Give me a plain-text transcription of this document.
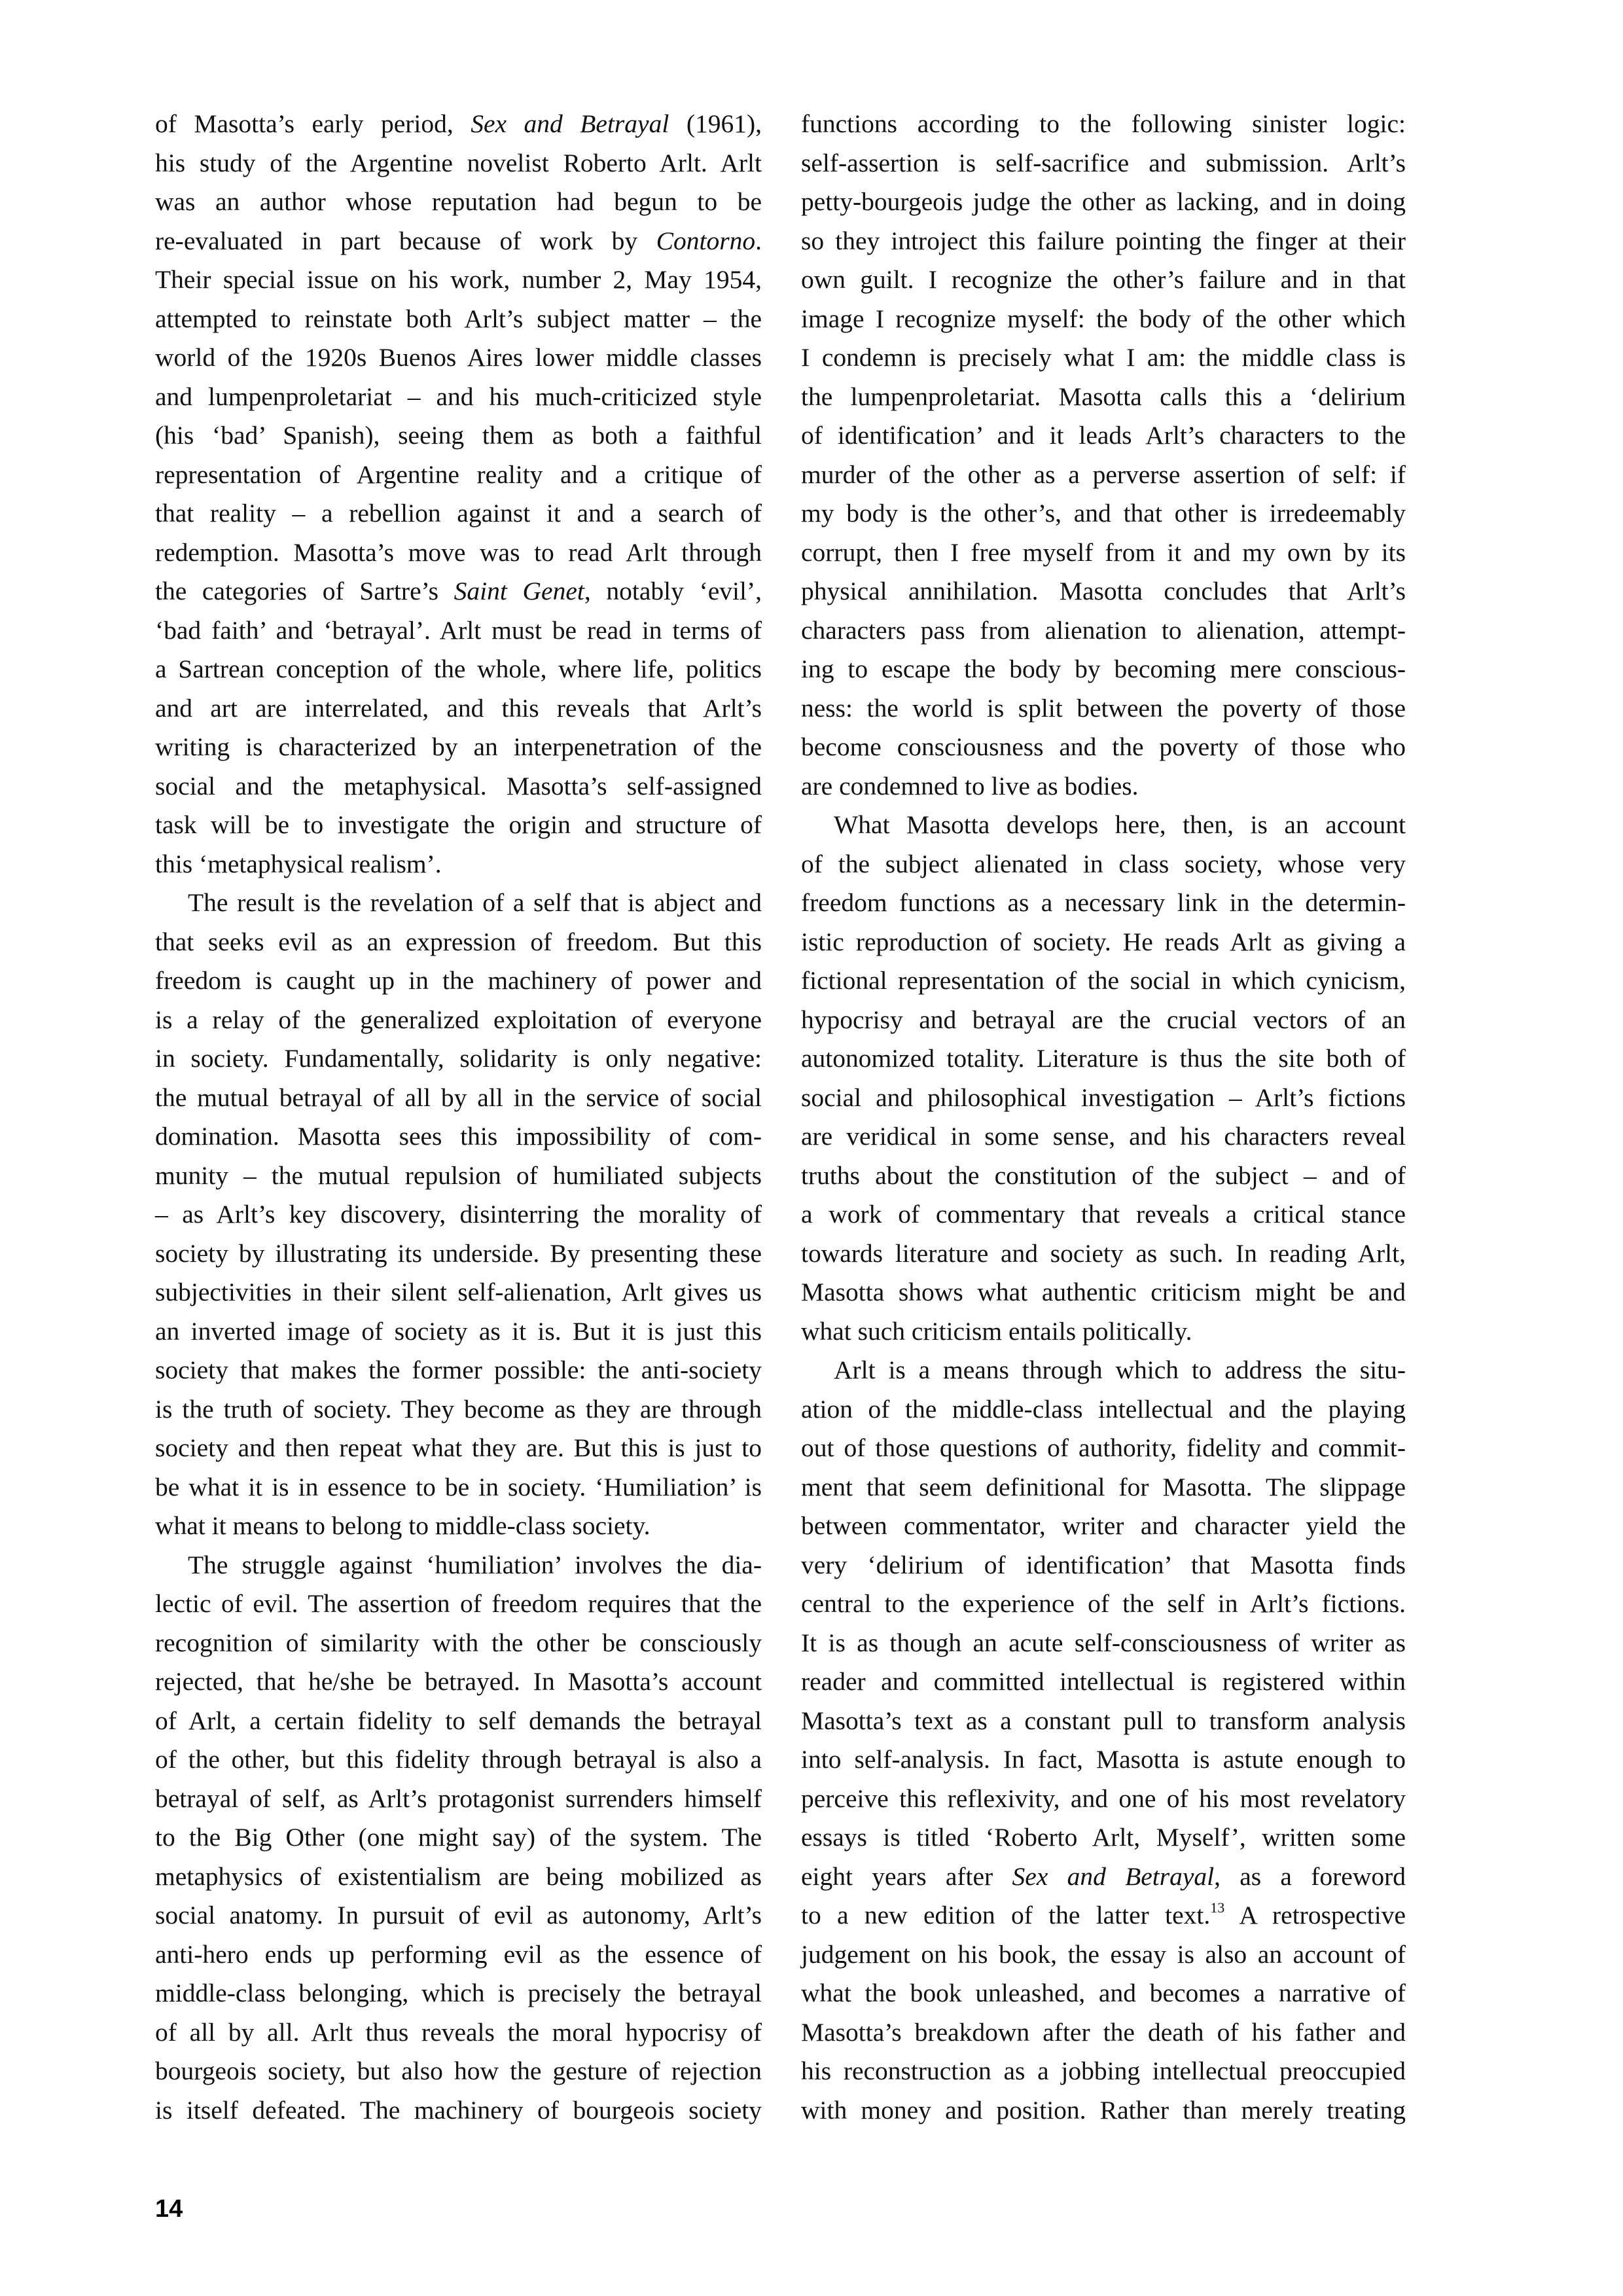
of Masotta’s early period, Sex and Betrayal (1961),
his study of the Argentine novelist Roberto Arlt. Arlt
was an author whose reputation had begun to be
re-evaluated in part because of work by Contorno.
Their special issue on his work, number 2, May 1954,
attempted to reinstate both Arlt’s subject matter – the
world of the 1920s Buenos Aires lower middle classes
and lumpenproletariat – and his much-criticized style
(his ‘bad’ Spanish), seeing them as both a faithful
representation of Argentine reality and a critique of
that reality – a rebellion against it and a search of
redemption. Masotta’s move was to read Arlt through
the categories of Sartre’s Saint Genet, notably ‘evil’,
‘bad faith’ and ‘betrayal’. Arlt must be read in terms of
a Sartrean conception of the whole, where life, politics
and art are interrelated, and this reveals that Arlt’s
writing is characterized by an interpenetration of the
social and the metaphysical. Masotta’s self-assigned
task will be to investigate the origin and structure of
this ‘metaphysical realism’.
The result is the revelation of a self that is abject and
that seeks evil as an expression of freedom. But this
freedom is caught up in the machinery of power and
is a relay of the generalized exploitation of everyone
in society. Fundamentally, solidarity is only negative:
the mutual betrayal of all by all in the service of social
domination. Masotta sees this impossibility of com-
munity – the mutual repulsion of humiliated subjects
– as Arlt’s key discovery, disinterring the morality of
society by illustrating its underside. By presenting these
subjectivities in their silent self-alienation, Arlt gives us
an inverted image of society as it is. But it is just this
society that makes the former possible: the anti-society
is the truth of society. They become as they are through
society and then repeat what they are. But this is just to
be what it is in essence to be in society. ‘Humiliation’ is
what it means to belong to middle-class society.
The struggle against ‘humiliation’ involves the dia-
lectic of evil. The assertion of freedom requires that the
recognition of similarity with the other be consciously
rejected, that he/she be betrayed. In Masotta’s account
of Arlt, a certain fidelity to self demands the betrayal
of the other, but this fidelity through betrayal is also a
betrayal of self, as Arlt’s protagonist surrenders himself
to the Big Other (one might say) of the system. The
metaphysics of existentialism are being mobilized as
social anatomy. In pursuit of evil as autonomy, Arlt’s
anti-hero ends up performing evil as the essence of
middle-class belonging, which is precisely the betrayal
of all by all. Arlt thus reveals the moral hypocrisy of
bourgeois society, but also how the gesture of rejection
is itself defeated. The machinery of bourgeois society
functions according to the following sinister logic:
self-assertion is self-sacrifice and submission. Arlt’s
petty-bourgeois judge the other as lacking, and in doing
so they introject this failure pointing the finger at their
own guilt. I recognize the other’s failure and in that
image I recognize myself: the body of the other which
I condemn is precisely what I am: the middle class is
the lumpenproletariat. Masotta calls this a ‘delirium
of identification’ and it leads Arlt’s characters to the
murder of the other as a perverse assertion of self: if
my body is the other’s, and that other is irredeemably
corrupt, then I free myself from it and my own by its
physical annihilation. Masotta concludes that Arlt’s
characters pass from alienation to alienation, attempt-
ing to escape the body by becoming mere conscious-
ness: the world is split between the poverty of those
become consciousness and the poverty of those who
are condemned to live as bodies.
What Masotta develops here, then, is an account
of the subject alienated in class society, whose very
freedom functions as a necessary link in the determin-
istic reproduction of society. He reads Arlt as giving a
fictional representation of the social in which cynicism,
hypocrisy and betrayal are the crucial vectors of an
autonomized totality. Literature is thus the site both of
social and philosophical investigation – Arlt’s fictions
are veridical in some sense, and his characters reveal
truths about the constitution of the subject – and of
a work of commentary that reveals a critical stance
towards literature and society as such. In reading Arlt,
Masotta shows what authentic criticism might be and
what such criticism entails politically.
Arlt is a means through which to address the situ-
ation of the middle-class intellectual and the playing
out of those questions of authority, fidelity and commit-
ment that seem definitional for Masotta. The slippage
between commentator, writer and character yield the
very ‘delirium of identification’ that Masotta finds
central to the experience of the self in Arlt’s fictions.
It is as though an acute self-consciousness of writer as
reader and committed intellectual is registered within
Masotta’s text as a constant pull to transform analysis
into self-analysis. In fact, Masotta is astute enough to
perceive this reflexivity, and one of his most revelatory
essays is titled ‘Roberto Arlt, Myself’, written some
eight years after Sex and Betrayal, as a foreword
to a new edition of the latter text.$^{13}$ A retrospective
judgement on his book, the essay is also an account of
what the book unleashed, and becomes a narrative of
Masotta’s breakdown after the death of his father and
his reconstruction as a jobbing intellectual preoccupied
with money and position. Rather than merely treating
14
